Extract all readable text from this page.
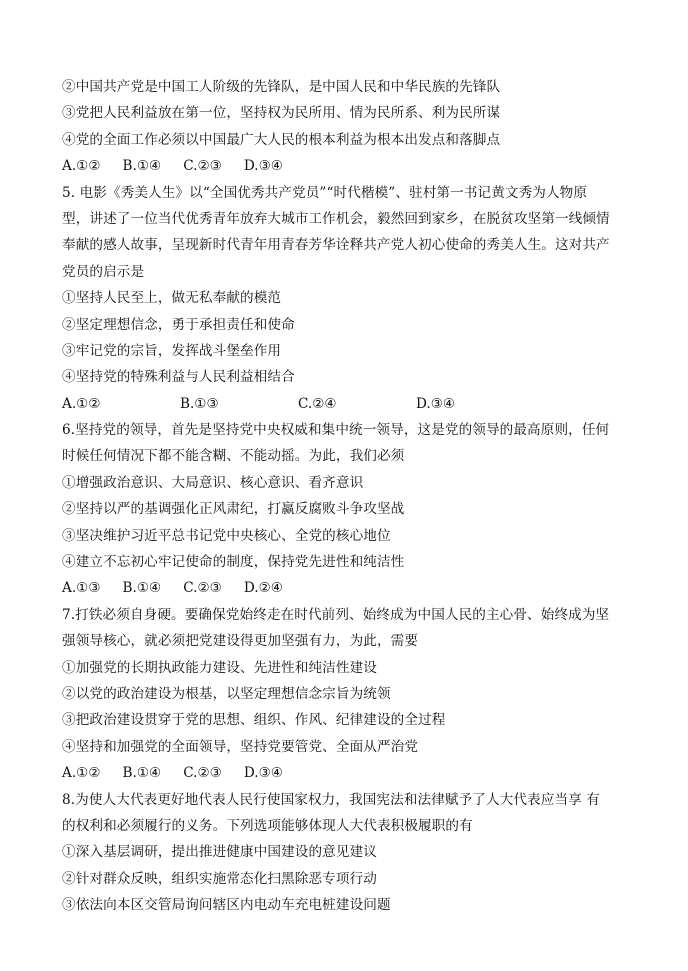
②中国共产党是中国工人阶级的先锋队，是中国人民和中华民族的先锋队
③党把人民利益放在第一位，坚持权为民所用、情为民所系、利为民所谋
④党的全面工作必须以中国最广大人民的根本利益为根本出发点和落脚点
A.①② B.①④ C.②③ D.③④
5. 电影《秀美人生》以“全国优秀共产党员”“时代楷模”、驻村第一书记黄文秀为人物原
型，讲述了一位当代优秀青年放弃大城市工作机会，毅然回到家乡，在脱贫攻坚第一线倾情
奉献的感人故事，呈现新时代青年用青春芳华诠释共产党人初心使命的秀美人生。这对共产
党员的启示是
①坚持人民至上，做无私奉献的模范
②坚定理想信念，勇于承担责任和使命
③牢记党的宗旨，发挥战斗堡垒作用
④坚持党的特殊利益与人民利益相结合
A.①②	B.①③	C.②④	D.③④
6.坚持党的领导，首先是坚持党中央权威和集中统一领导，这是党的领导的最高原则，任何
时候任何情况下都不能含糊、不能动摇。为此，我们必须
①增强政治意识、大局意识、核心意识、看齐意识
②坚持以严的基调强化正风肃纪，打赢反腐败斗争攻坚战
③坚决维护习近平总书记党中央核心、全党的核心地位
④建立不忘初心牢记使命的制度，保持党先进性和纯洁性
A.①③ B.①④ C.②③ D.②④
7.打铁必须自身硬。要确保党始终走在时代前列、始终成为中国人民的主心骨、始终成为坚
强领导核心，就必须把党建设得更加坚强有力，为此，需要
①加强党的长期执政能力建设、先进性和纯洁性建设
②以党的政治建设为根基，以坚定理想信念宗旨为统领
③把政治建设贯穿于党的思想、组织、作风、纪律建设的全过程
④坚持和加强党的全面领导，坚持党要管党、全面从严治党
A.①② B.①④ C.②③ D.③④
8.为使人大代表更好地代表人民行使国家权力，我国宪法和法律赋予了人大代表应当享 有
的权利和必须履行的义务。下列选项能够体现人大代表积极履职的有
①深入基层调研，提出推进健康中国建设的意见建议
②针对群众反映，组织实施常态化扫黑除恶专项行动
③依法向本区交管局询问辖区内电动车充电桩建设问题
